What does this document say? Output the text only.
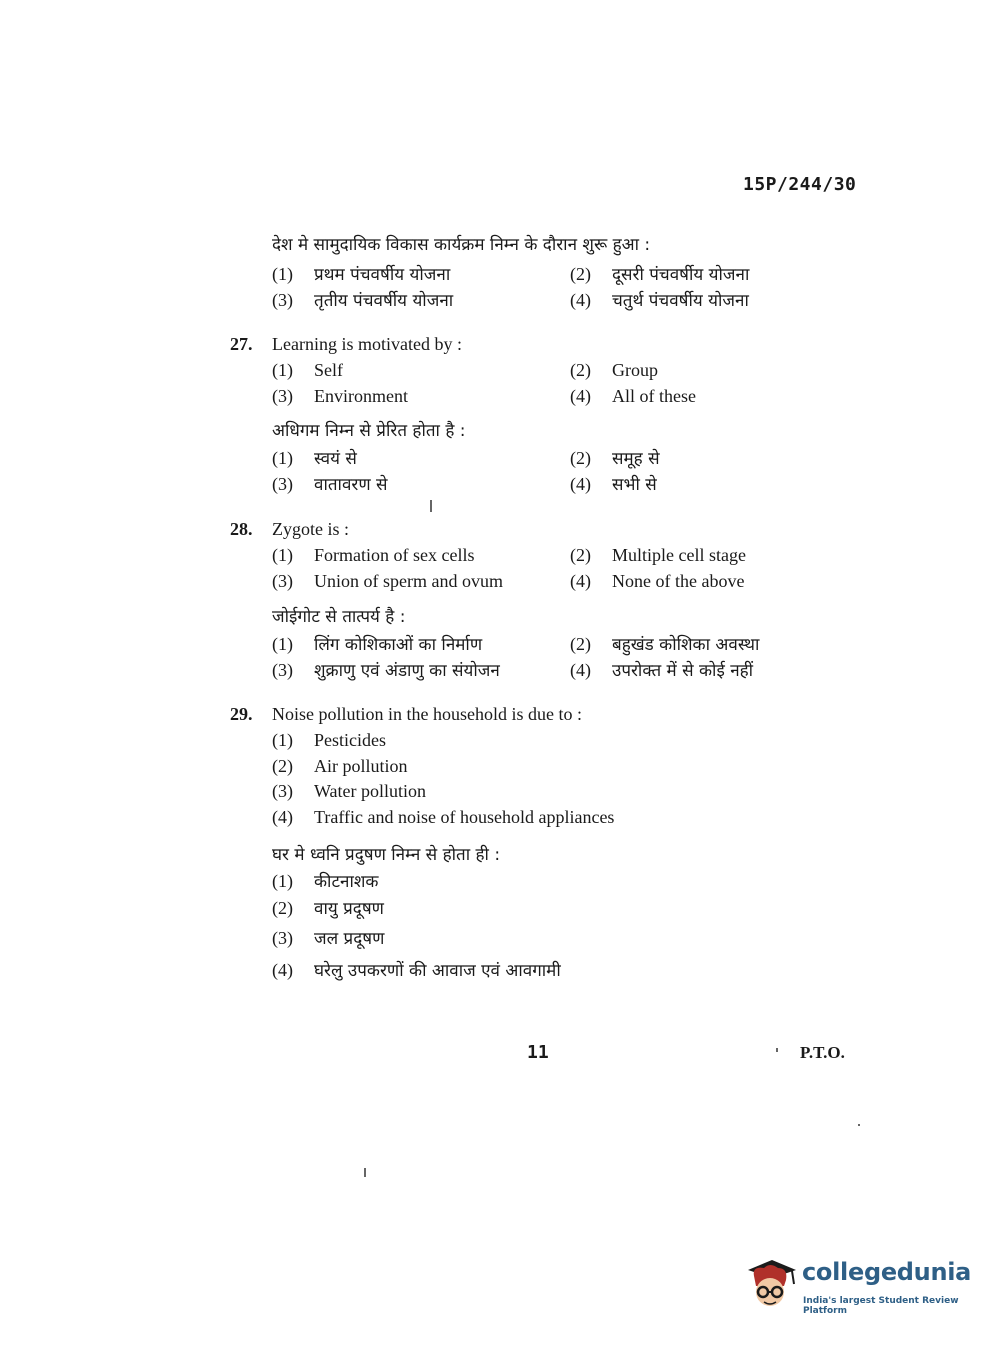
15P/244/30
देश मे सामुदायिक विकास कार्यक्रम निम्न के दौरान शुरू हुआ :
(1) प्रथम पंचवर्षीय योजना	(2) दूसरी पंचवर्षीय योजना
(3) तृतीय पंचवर्षीय योजना	(4) चतुर्थ पंचवर्षीय योजना
27. Learning is motivated by :
(1) Self	(2) Group
(3) Environment	(4) All of these
अधिगम निम्न से प्रेरित होता है :
(1) स्वयं से	(2) समूह से
(3) वातावरण से	(4) सभी से
28. Zygote is :
(1) Formation of sex cells	(2) Multiple cell stage
(3) Union of sperm and ovum	(4) None of the above
जोईगोट से तात्पर्य है :
(1) लिंग कोशिकाओं का निर्माण	(2) बहुखंड कोशिका अवस्था
(3) शुक्राणु एवं अंडाणु का संयोजन	(4) उपरोक्त में से कोई नहीं
29. Noise pollution in the household is due to :
(1) Pesticides
(2) Air pollution
(3) Water pollution
(4) Traffic and noise of household appliances
घर मे ध्वनि प्रदुषण निम्न से होता ही :
(1) कीटनाशक
(2) वायु प्रदूषण
(3) जल प्रदूषण
(4) घरेलु उपकरणों की आवाज एवं आवगामी
11	P.T.O.
collegedunia
India's largest Student Review Platform
